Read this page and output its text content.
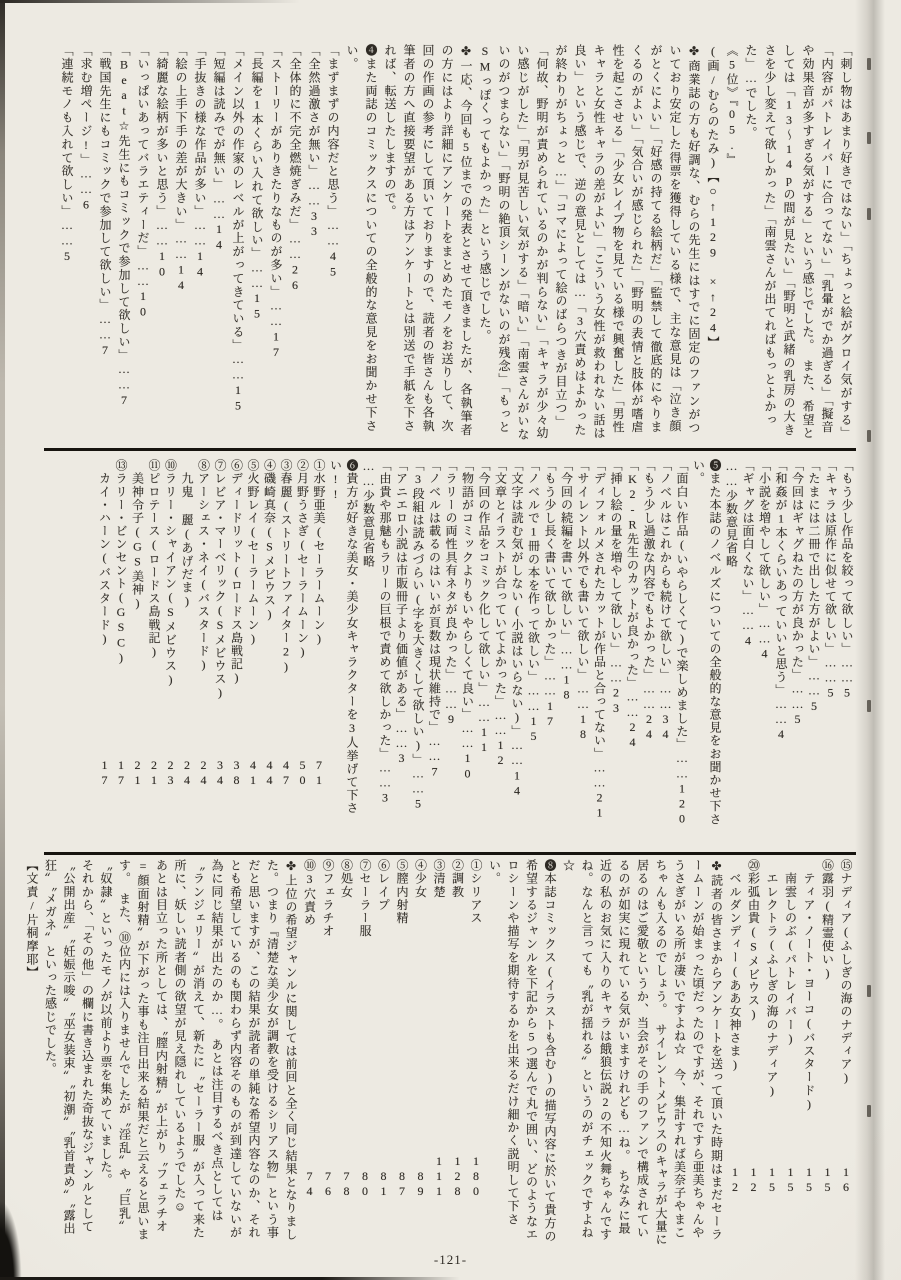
「刺し物はあまり好きではない」「ちょっと絵がグロイ気がする」「内容がパトレイバーに合ってない」「乳暈がでか過ぎる」「擬音や効果音が多すぎる気がする」という感じでした。　また、希望としては「13〜14pの間が見たい」「野明と武緒の乳房の大きさを少し変えて欲しかった」「南雲さんが出てればもっとよかった」…でした。

《5位》『05.』

(画/むらのたみ)【○↑129　×↑24】

✤商業誌の方も好調な、むらの先生にはすでに固定のファンがついており安定した得票を獲得している様で、主な意見は「泣き顔がとくによい」「好感の持てる絵柄だ」「監禁して徹底的にやりまくるのがよい」「気合いが感じられた」「野明の表情と肢体が嗜虐性を起こさせる」「少女レイプ物を見ている様で興奮した」「男性キャラと女性キャラの差がよい」「こういう女性が救われない話は良い」という感じで、逆の意見としては…「3穴責めはよかったが終わりがちょっと…」「コマによって絵のばらつきが目立つ」「何故、野明が責められているのかが判らない」「キャラが少々幼い感じがした」「男が見苦しい気がする」「暗い」「南雲さんがいないのがつまらない」「野明の絶頂シーンがないのが残念」「もっとSMっぽくってもよかった」という感じでした。

✤一応、今回も5位までの発表とさせて頂きましたが、各執筆者の方にはより詳細にアンケートをまとめたモノをお送りして、次回の作画の参考にして頂いておりますので、読者の皆さんも各執筆者の方へ直接要望がある方はアンケートとは別送で手紙を下されば、転送したしますので。

❹また両誌のコミックスについての全般的な意見をお聞かせ下さい。

「まずまずの内容だと思う」……45

「全然過激さが無い」……33

「全体的に不完全燃焼ぎみだ」……26

「ストーリーがありきたりなものが多い」……17

「長編を1本くらい入れて欲しい」……15

「メイン以外の作家のレベルが上がってきている」……15

「短編は読みでが無い」……14

「手抜きの様な作品が多い」……14

「絵の上手下手の差が大きい」……14

「綺麗な絵柄が多いと思う」……10

「いっぱいあってバラエティーだ」……10

「Beat☆先生にもコミックで参加して欲しい」……7

「戦国先生にもコミックで参加して欲しい」……7

「求む増ページ!」……6

「連続モノも入れて欲しい」……5

「もう少し作品を絞って欲しい」……5

「キャラは原作に似せて欲しい」……5

「たまには二冊で出した方がよい」……5

「今回はギャグねたの方が良かった」……5

「和姦が1本くらいあっていいと思う」……4

「小説を増やして欲しい」……4

「ギャグは面白くない」……4

……少数意見省略

❺また本誌のノベルズについての全般的な意見をお聞かせ下さい。

「面白い作品(いやらしくて)で楽しめました」……120

「ノベルはこれからも続けて欲しい」……34

「もう少し過激な内容でもよかった」……24

「K2-R先生のカットが良かった」……24

「挿し絵の量を増やして欲しい」……23

「ディフォルメされたカットが作品と合ってない」……21

「サイレント以外でも書いて欲しい」……18

「今回の続編を書いて欲しい」……18

「もう少し長く書いて欲しかった」……17

「ノベルで1冊の本を作って欲しい」……15

「文字は読む気がしない(小説はいらない)」……14

「文章とイラストが合っていてよかった」……12

「今回の作品をコミック化して欲しい」……11

「物語がコミックよりもいやらしくて良い」……10

「ラリーの両性具有ネタが良かった」……9

「ノベルは載るのはいいが頁数は現状維持で」……7

「3段組は読みづらい(字を大きくして欲しい)」……5

「アニエロ小説は市販冊子より価値がある」……3

「由貴や那魅もラリーの巨根で責めて欲しかった」……3

……少数意見省略

❻貴方が好きな美女・美少女キャラクターを3人挙げて下さい!!

①水野亜美(セーラームーン)
71
②月野うさぎ(セーラームーン)
50
③春麗(ストリートファイター2)
47
④磯崎真奈(Sメビウス)
44
⑤火野レイ(セーラームーン)
41
⑥ディードリット(ロードス島戦記)
38
⑦レビア・マーベリック(Sメビウス)
34
⑧アーシェス・ネイ(バスタード)
24
　九鬼 麗(あげだま)
24
⑩ラリー・シャイアン(Sメビウス)
23
⑪ピロテース(ロードス島戦記)
21
　美神令子(GS美神)
21
⑬ラリー・ビンセント(GSC)
17
　カイ・ハーン(バスタード)
17
⑮ナディア(ふしぎの海のナディア)
16
⑯露羽(精霊使い)
15
　ティア・ノート・ヨーコ(バスタード)
15
　南雲しのぶ(パトレイバー)
15
　エレクトラ(ふしぎの海のナディア)
15
⑳彩弧由貴(Sメビウス)
12
　ベルダンディー(ああ女神さま)
12

✤読者の皆さまからアンケートを送って頂いた時期はまだセーラームーンが始まった頃だったのですが、それですら亜美ちゃんやうさぎがいる所が凄いですよね☆　今、集計すれば美奈子やまこちゃんも入るのでしょう。　サイレントメビウスのキャラが大量に居るのはご愛敬というか、当会がその手のファンで構成されているのが如実に現れている気がいますけれども…ね。　ちなみに最近の私のお気に入りのキャラは餓狼伝説2の不知火舞ちゃんですね。なんと言っても〝乳が揺れる〟というのがチェックですよね☆

❽本誌コミックス(イラストも含む)の描写内容に於いて貴方の希望するジャンルを下記から5つ選んで丸で囲い、どのようなエロシーンや描写を期待するかを出来るだけ細かく説明して下さい。

①シリアス
180
②調教
128
③清楚
111
④少女
89
⑤膣内射精
87
⑥レイプ
81
⑦セーラー服
80
⑧処女
78
⑨フェラチオ
76
⑩3穴責め
74

✤上位の希望ジャンルに関しては前回と全く同じ結果となりました。つまり『清楚な美少女が調教を受けるシリアス物』という事だと思いますが、この結果が読者の単純な希望内容なのか、それとも希望しているのも関わらず内容そのものが到達していないが為に同じ結果が出たのか…。　あとは注目するべき点としては〝ランジェリー〟が消えて、新たに〝セーラー服〟が入って来た所に、妖しい読者側の欲望が見え隠れしているようでした☺

あとは目立った所としては、〝膣内射精〟が上がり〝フェラチオ=顔面射精〟が下がった事も注目出来る結果だと云えると思います。　また、⑩位内には入りませんでしたが〝淫乱〟や〝巨乳〟〝奴隷〟といったモノが以前より票を集めていました。

それから、「その他」の欄に書き込まれた奇抜なジャンルとして〝公開出産〟〝妊娠示唆〟〝巫女装束〟〝初潮〟〝乳首責め〟〝露出狂〟〝メガネ〟といった感じでした。

【文責/片桐摩耶】

-121-
